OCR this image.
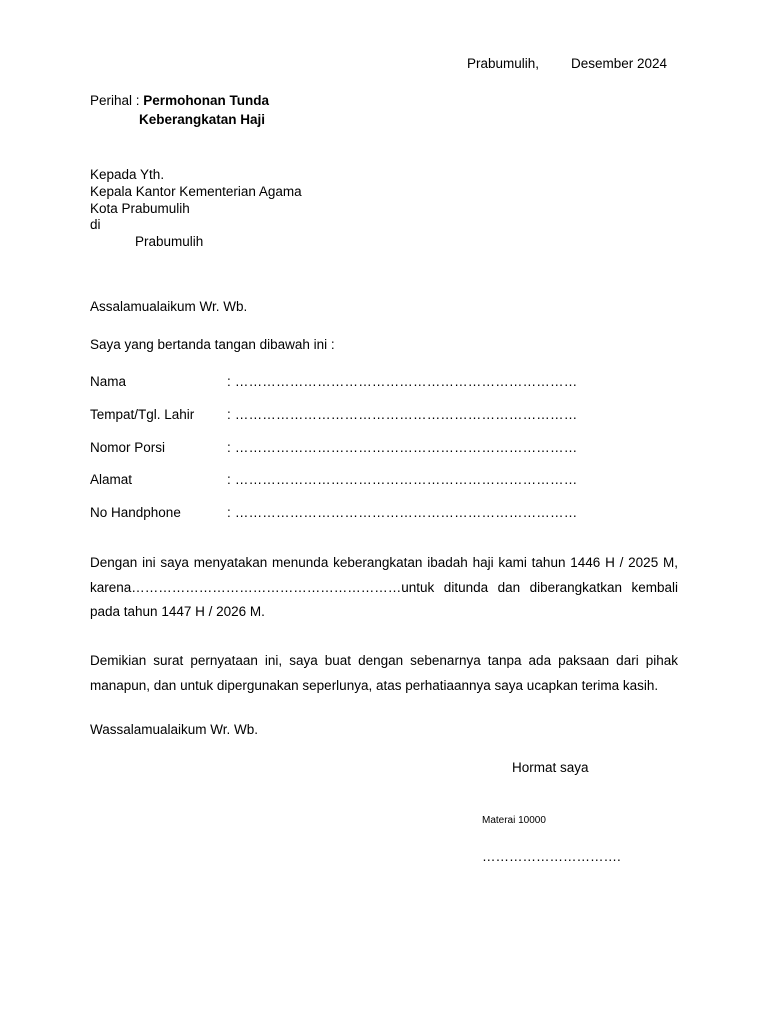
Prabumulih, Desember 2024
Perihal : Permohonan Tunda
Keberangkatan Haji
Kepada Yth.
Kepala Kantor Kementerian Agama
Kota Prabumulih
di
Prabumulih
Assalamualaikum Wr. Wb.
Saya yang bertanda tangan dibawah ini :
Nama	: …………………………………………………………………
Tempat/Tgl. Lahir : …………………………………………………………………
Nomor Porsi	: …………………………………………………………………
Alamat	: …………………………………………………………………
No Handphone	: …………………………………………………………………
Dengan ini saya menyatakan menunda keberangkatan ibadah haji kami tahun 1446 H / 2025 M,
karena……………………………………………………untuk ditunda dan diberangkatkan kembali
pada tahun 1447 H / 2026 M.
Demikian surat pernyataan ini, saya buat dengan sebenarnya tanpa ada paksaan dari pihak
manapun, dan untuk dipergunakan seperlunya, atas perhatiaannya saya ucapkan terima kasih.
Wassalamualaikum Wr. Wb.
Hormat saya
Materai 10000
………………………….
